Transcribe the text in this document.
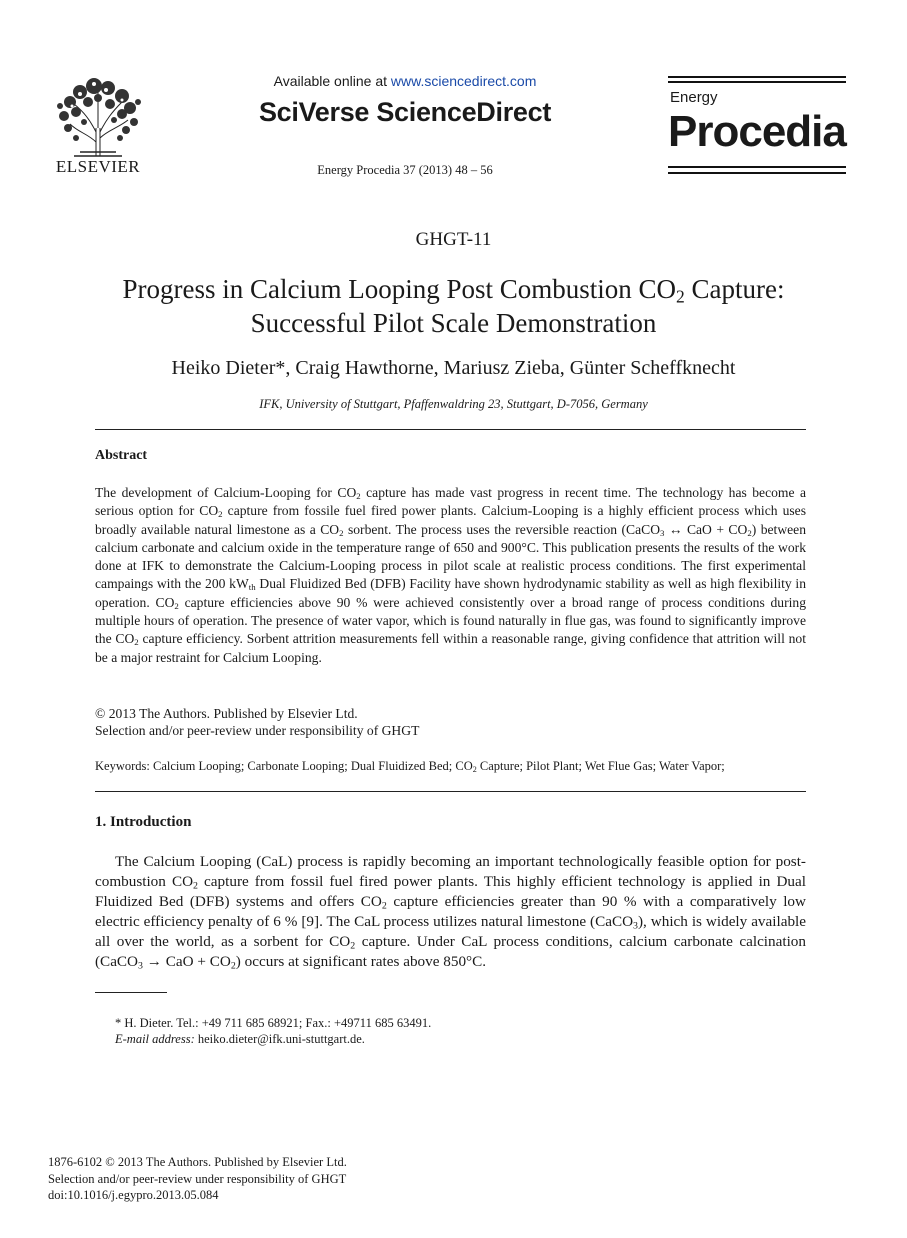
ELSEVIER
Available online at www.sciencedirect.com
SciVerse ScienceDirect
Energy Procedia 37 (2013) 48 – 56
Energy
Procedia
GHGT-11
Progress in Calcium Looping Post Combustion $CO_2$ Capture:
Successful Pilot Scale Demonstration
Heiko Dieter*, Craig Hawthorne, Mariusz Zieba, Günter Scheffknecht
IFK, University of Stuttgart, Pfaffenwaldring 23, Stuttgart, D-7056, Germany
Abstract
The development of Calcium-Looping for $CO_2$ capture has made vast progress in recent time. The technology has become a serious option for $CO_2$ capture from fossile fuel fired power plants. Calcium-Looping is a highly efficient process which uses broadly available natural limestone as a $CO_2$ sorbent. The process uses the reversible reaction (CaCO$_3$ ↔ CaO + $CO_2$) between calcium carbonate and calcium oxide in the temperature range of 650 and 900°C. This publication presents the results of the work done at IFK to demonstrate the Calcium-Looping process in pilot scale at realistic process conditions. The first experimental campaings with the 200 $kW_{th}$ Dual Fluidized Bed (DFB) Facility have shown hydrodynamic stability as well as high flexibility in operation. $CO_2$ capture efficiencies above 90 % were achieved consistently over a broad range of process conditions during multiple hours of operation. The presence of water vapor, which is found naturally in flue gas, was found to significantly improve the $CO_2$ capture efficiency. Sorbent attrition measurements fell within a reasonable range, giving confidence that attrition will not be a major restraint for Calcium Looping.
© 2013 The Authors. Published by Elsevier Ltd.
Selection and/or peer-review under responsibility of GHGT
Keywords: Calcium Looping; Carbonate Looping; Dual Fluidized Bed; $CO_2$ Capture; Pilot Plant; Wet Flue Gas; Water Vapor;
1. Introduction
The Calcium Looping (CaL) process is rapidly becoming an important technologically feasible option for post-combustion $CO_2$ capture from fossil fuel fired power plants. This highly efficient technology is applied in Dual Fluidized Bed (DFB) systems and offers $CO_2$ capture efficiencies greater than 90 % with a comparatively low electric efficiency penalty of 6 % [9]. The CaL process utilizes natural limestone (CaCO$_3$), which is widely available all over the world, as a sorbent for $CO_2$ capture. Under CaL process conditions, calcium carbonate calcination (CaCO$_3$ → CaO + $CO_2$) occurs at significant rates above 850°C.
* H. Dieter. Tel.: +49 711 685 68921; Fax.: +49711 685 63491.
E-mail address: heiko.dieter@ifk.uni-stuttgart.de.
1876-6102 © 2013 The Authors. Published by Elsevier Ltd.
Selection and/or peer-review under responsibility of GHGT
doi:10.1016/j.egypro.2013.05.084
